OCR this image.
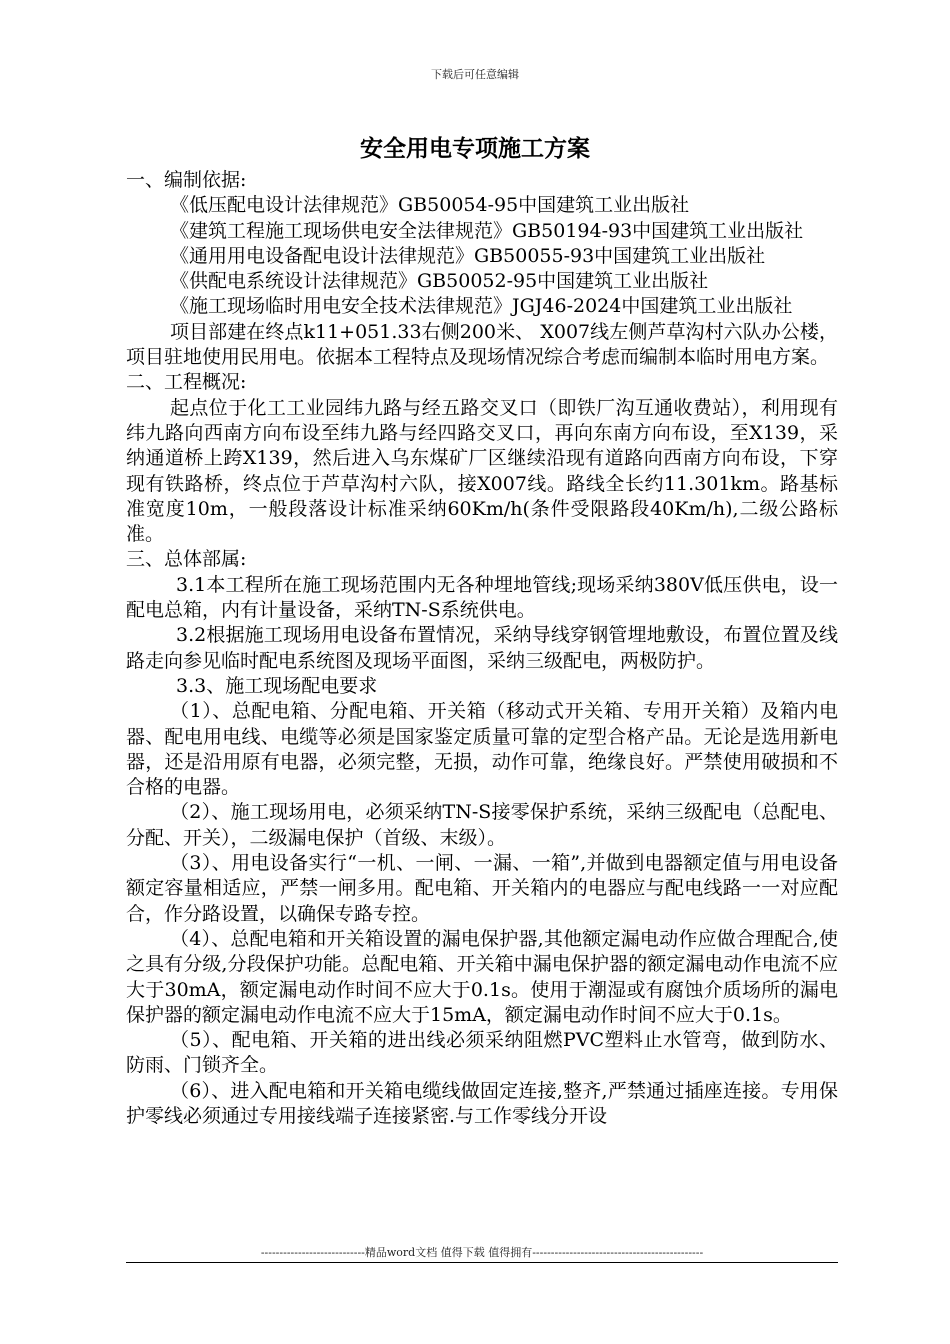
下载后可任意编辑
安全用电专项施工方案

一、编制依据:

《低压配电设计法律规范》GB50054-95中国建筑工业出版社

《建筑工程施工现场供电安全法律规范》GB50194-93中国建筑工业出版社

《通用用电设备配电设计法律规范》GB50055-93中国建筑工业出版社

《供配电系统设计法律规范》GB50052-95中国建筑工业出版社

《施工现场临时用电安全技术法律规范》JGJ46-2024中国建筑工业出版社

项目部建在终点k11+051.33右侧200米、 X007线左侧芦草沟村六队办公楼，项目驻地使用民用电。依据本工程特点及现场情况综合考虑而编制本临时用电方案。

二、工程概况:

起点位于化工工业园纬九路与经五路交叉口（即铁厂沟互通收费站），利用现有纬九路向西南方向布设至纬九路与经四路交叉口，再向东南方向布设，至X139，采纳通道桥上跨X139，然后进入乌东煤矿厂区继续沿现有道路向西南方向布设，下穿现有铁路桥，终点位于芦草沟村六队，接X007线。路线全长约11.301km。路基标准宽度10m，一般段落设计标准采纳60Km/h(条件受限路段40Km/h),二级公路标准。

三、总体部属:

3.1本工程所在施工现场范围内无各种埋地管线;现场采纳380V低压供电，设一配电总箱，内有计量设备，采纳TN-S系统供电。

3.2根据施工现场用电设备布置情况，采纳导线穿钢管埋地敷设，布置位置及线路走向参见临时配电系统图及现场平面图，采纳三级配电，两极防护。

3.3、施工现场配电要求

（1）、总配电箱、分配电箱、开关箱（移动式开关箱、专用开关箱）及箱内电器、配电用电线、电缆等必须是国家鉴定质量可靠的定型合格产品。无论是选用新电器，还是沿用原有电器，必须完整，无损，动作可靠，绝缘良好。严禁使用破损和不合格的电器。

（2）、施工现场用电，必须采纳TN-S接零保护系统，采纳三级配电（总配电、分配、开关），二级漏电保护（首级、末级）。

（3）、用电设备实行“一机、一闸、一漏、一箱”,并做到电器额定值与用电设备额定容量相适应，严禁一闸多用。配电箱、开关箱内的电器应与配电线路一一对应配合，作分路设置，以确保专路专控。

（4）、总配电箱和开关箱设置的漏电保护器,其他额定漏电动作应做合理配合,使之具有分级,分段保护功能。总配电箱、开关箱中漏电保护器的额定漏电动作电流不应大于30mA，额定漏电动作时间不应大于0.1s。使用于潮湿或有腐蚀介质场所的漏电保护器的额定漏电动作电流不应大于15mA，额定漏电动作时间不应大于0.1s。

（5）、配电箱、开关箱的进出线必须采纳阻燃PVC塑料止水管弯，做到防水、防雨、门锁齐全。

（6）、进入配电箱和开关箱电缆线做固定连接,整齐,严禁通过插座连接。专用保护零线必须通过专用接线端子连接紧密.与工作零线分开设

----------------------------精品word文档 值得下载 值得拥有----------------------------------------------
